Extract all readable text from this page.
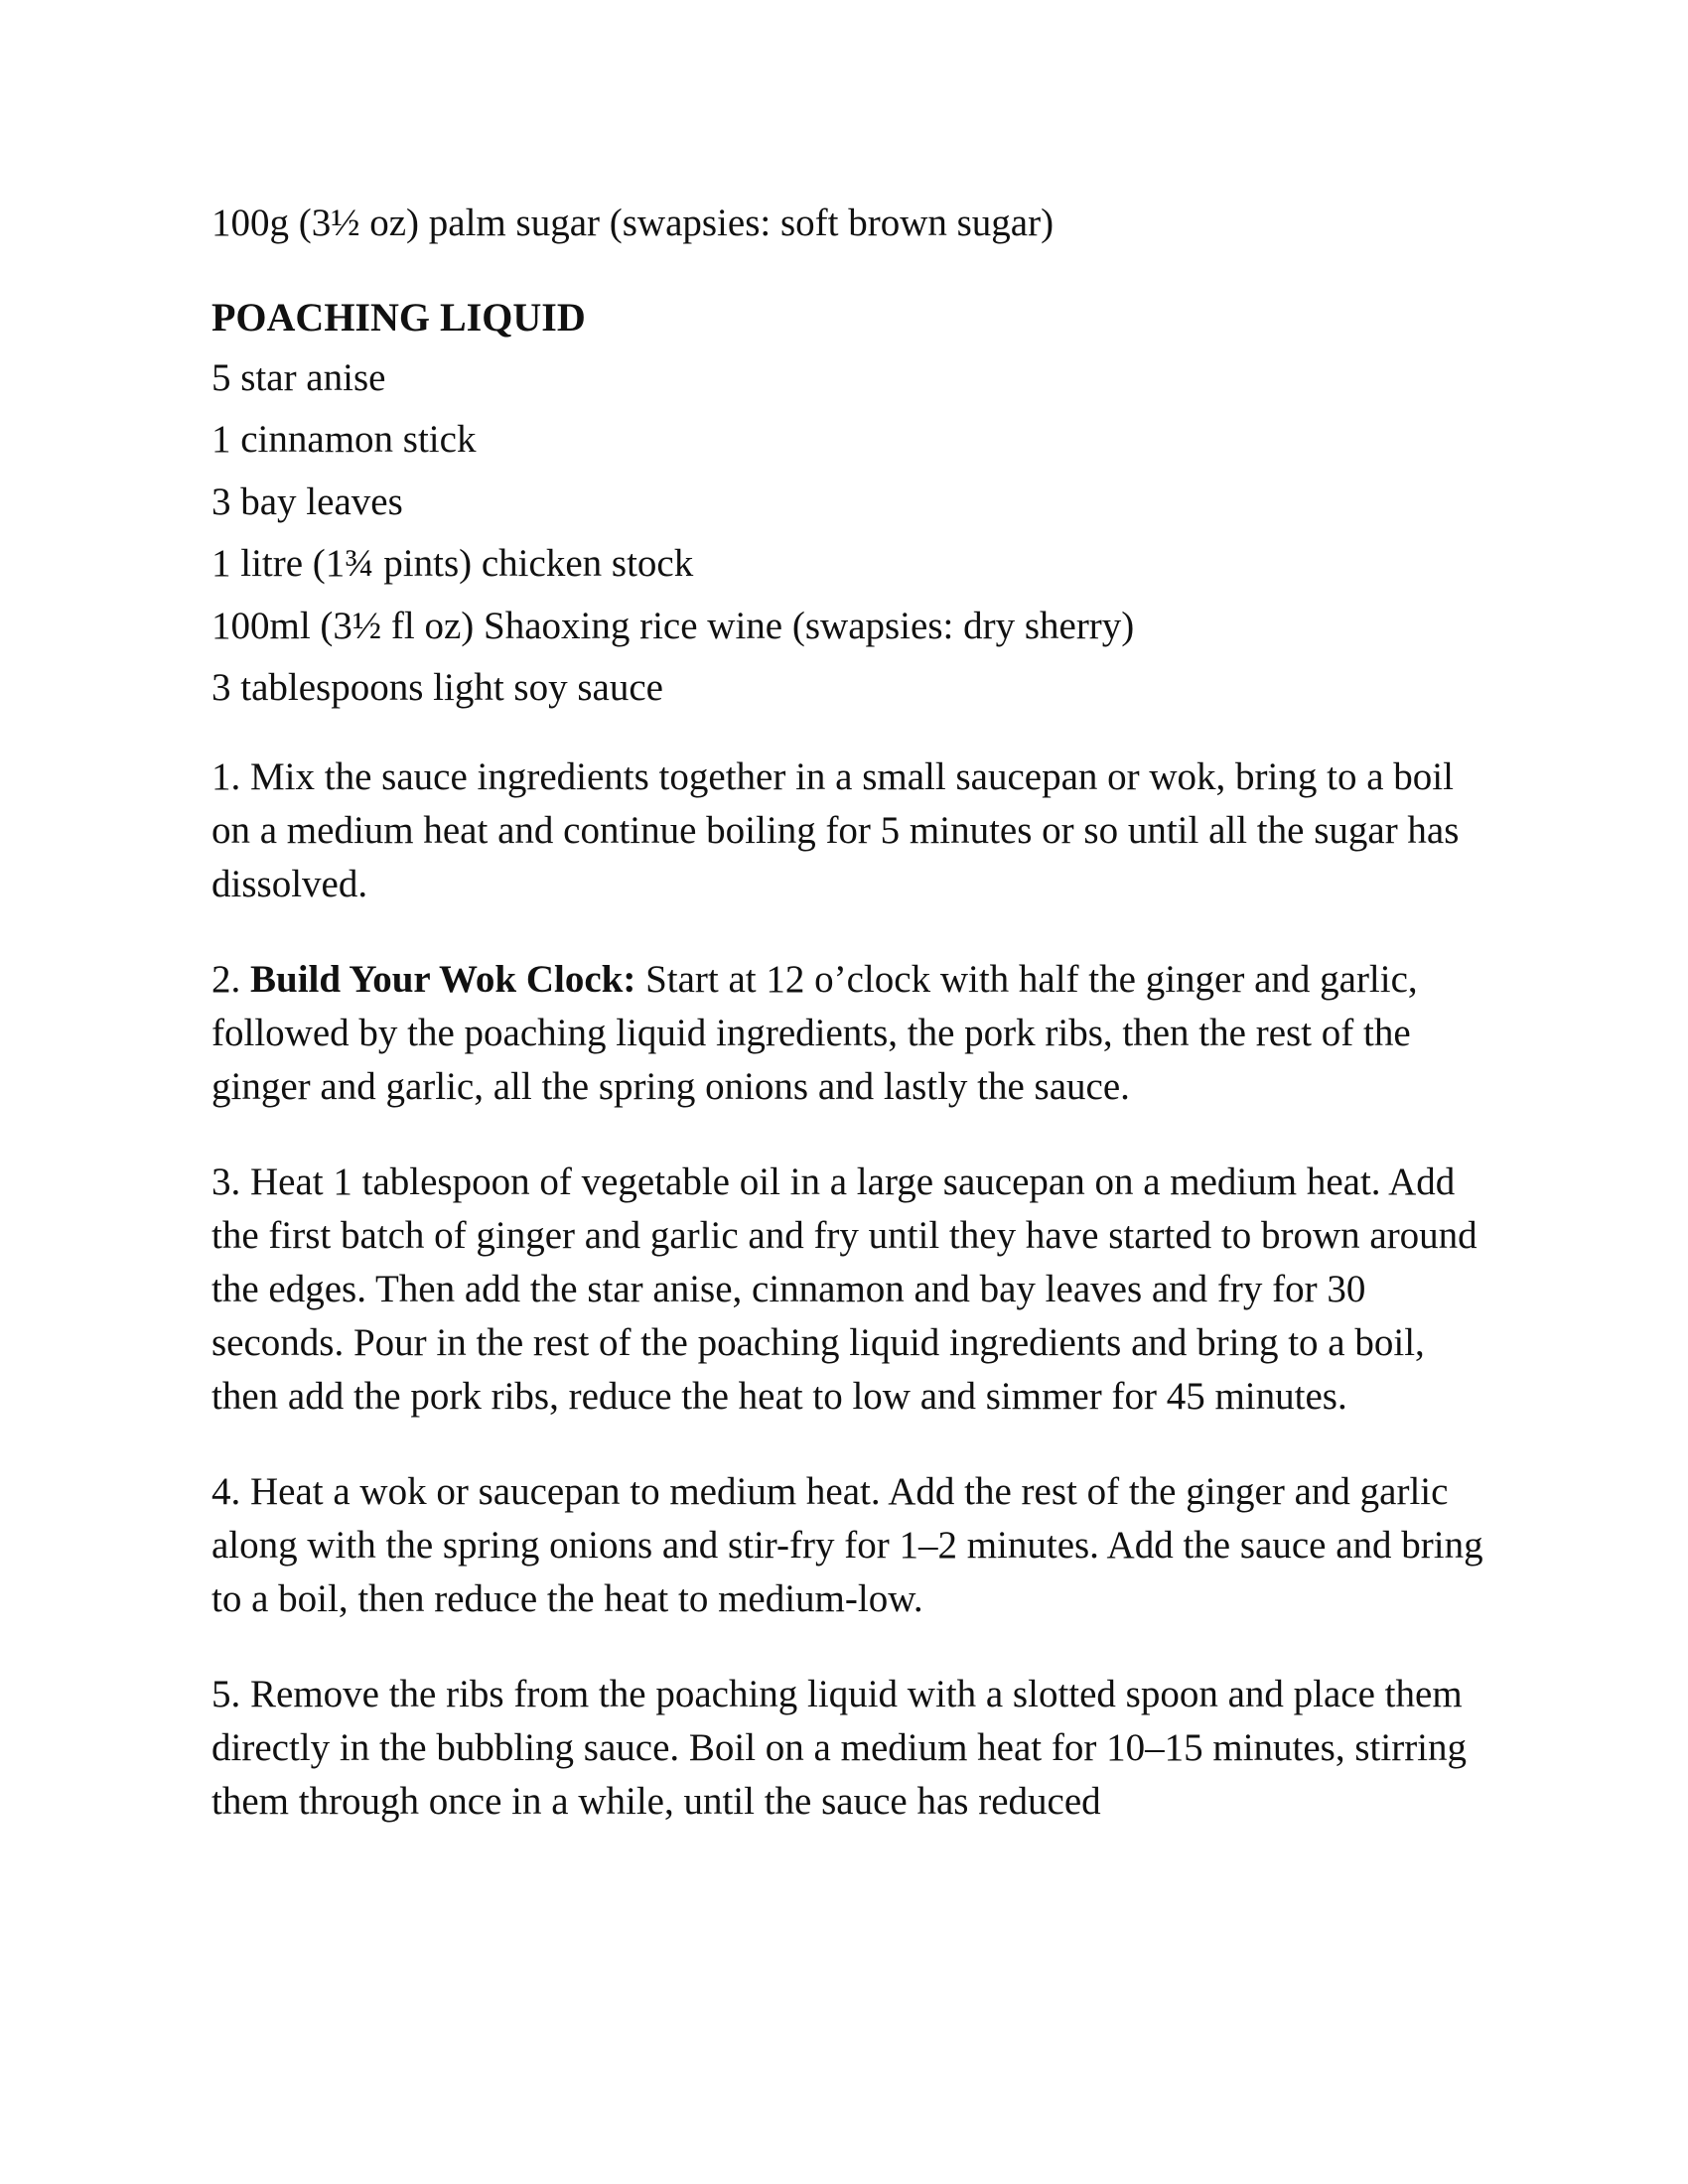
100g (3½ oz) palm sugar (swapsies: soft brown sugar)

POACHING LIQUID
5 star anise
1 cinnamon stick
3 bay leaves
1 litre (1¾ pints) chicken stock
100ml (3½ fl oz) Shaoxing rice wine (swapsies: dry sherry)
3 tablespoons light soy sauce

1. Mix the sauce ingredients together in a small saucepan or wok, bring to a boil on a medium heat and continue boiling for 5 minutes or so until all the sugar has dissolved.

2. Build Your Wok Clock: Start at 12 o’clock with half the ginger and garlic, followed by the poaching liquid ingredients, the pork ribs, then the rest of the ginger and garlic, all the spring onions and lastly the sauce.

3. Heat 1 tablespoon of vegetable oil in a large saucepan on a medium heat. Add the first batch of ginger and garlic and fry until they have started to brown around the edges. Then add the star anise, cinnamon and bay leaves and fry for 30 seconds. Pour in the rest of the poaching liquid ingredients and bring to a boil, then add the pork ribs, reduce the heat to low and simmer for 45 minutes.

4. Heat a wok or saucepan to medium heat. Add the rest of the ginger and garlic along with the spring onions and stir-fry for 1–2 minutes. Add the sauce and bring to a boil, then reduce the heat to medium-low.

5. Remove the ribs from the poaching liquid with a slotted spoon and place them directly in the bubbling sauce. Boil on a medium heat for 10–15 minutes, stirring them through once in a while, until the sauce has reduced
